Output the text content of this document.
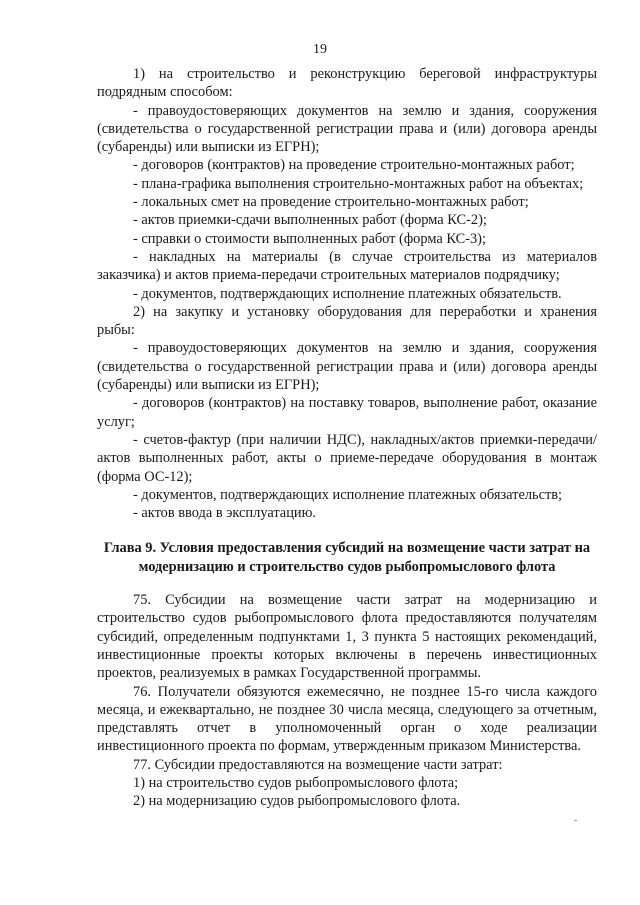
19

1) на строительство и реконструкцию береговой инфраструктуры подрядным способом:

- правоудостоверяющих документов на землю и здания, сооружения (свидетельства о государственной регистрации права и (или) договора аренды (субаренды) или выписки из ЕГРН);

- договоров (контрактов) на проведение строительно-монтажных работ;

- плана-графика выполнения строительно-монтажных работ на объектах;

- локальных смет на проведение строительно-монтажных работ;

- актов приемки-сдачи выполненных работ (форма КС-2);

- справки о стоимости выполненных работ (форма КС-3);

- накладных на материалы (в случае строительства из материалов заказчика) и актов приема-передачи строительных материалов подрядчику;

- документов, подтверждающих исполнение платежных обязательств.

2) на закупку и установку оборудования для переработки и хранения рыбы:

- правоудостоверяющих документов на землю и здания, сооружения (свидетельства о государственной регистрации права и (или) договора аренды (субаренды) или выписки из ЕГРН);

- договоров (контрактов) на поставку товаров, выполнение работ, оказание услуг;

- счетов-фактур (при наличии НДС), накладных/актов приемки-передачи/актов выполненных работ, акты о приеме-передаче оборудования в монтаж (форма ОС-12);

- документов, подтверждающих исполнение платежных обязательств;

- актов ввода в эксплуатацию.

Глава 9. Условия предоставления субсидий на возмещение части затрат на модернизацию и строительство судов рыбопромыслового флота

75. Субсидии на возмещение части затрат на модернизацию и строительство судов рыбопромыслового флота предоставляются получателям субсидий, определенным подпунктами 1, 3 пункта 5 настоящих рекомендаций, инвестиционные проекты которых включены в перечень инвестиционных проектов, реализуемых в рамках Государственной программы.

76. Получатели обязуются ежемесячно, не позднее 15-го числа каждого месяца, и ежеквартально, не позднее 30 числа месяца, следующего за отчетным, представлять отчет в уполномоченный орган о ходе реализации инвестиционного проекта по формам, утвержденным приказом Министерства.

77. Субсидии предоставляются на возмещение части затрат:

1) на строительство судов рыбопромыслового флота;

2) на модернизацию судов рыбопромыслового флота.
